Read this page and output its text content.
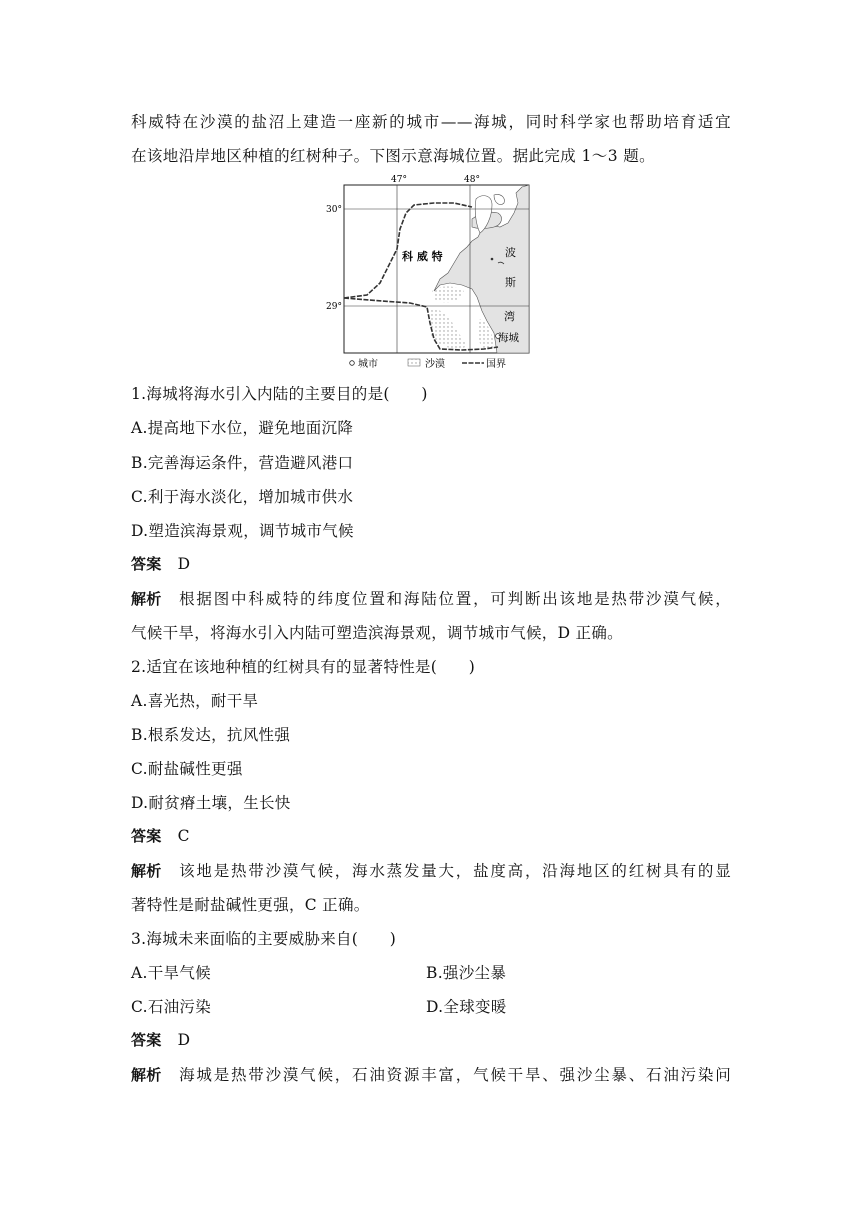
科威特在沙漠的盐沼上建造一座新的城市——海城，同时科学家也帮助培育适宜

在该地沿岸地区种植的红树种子。下图示意海城位置。据此完成 1～3 题。

47°	48°
30°
29°
科 威 特	波
斯
湾
海城
城市	沙漠	国界
1.海城将海水引入内陆的主要目的是(　　)
A.提高地下水位，避免地面沉降
B.完善海运条件，营造避风港口
C.利于海水淡化，增加城市供水
D.塑造滨海景观，调节城市气候
答案 D
解析 根据图中科威特的纬度位置和海陆位置，可判断出该地是热带沙漠气候，
气候干旱，将海水引入内陆可塑造滨海景观，调节城市气候，D 正确。
2.适宜在该地种植的红树具有的显著特性是(　　)
A.喜光热，耐干旱
B.根系发达，抗风性强
C.耐盐碱性更强
D.耐贫瘠土壤，生长快
答案 C
解析 该地是热带沙漠气候，海水蒸发量大，盐度高，沿海地区的红树具有的显
著特性是耐盐碱性更强，C 正确。
3.海城未来面临的主要威胁来自(　　)
A.干旱气候	B.强沙尘暴
C.石油污染	D.全球变暖
答案 D
解析 海城是热带沙漠气候，石油资源丰富，气候干旱、强沙尘暴、石油污染问
